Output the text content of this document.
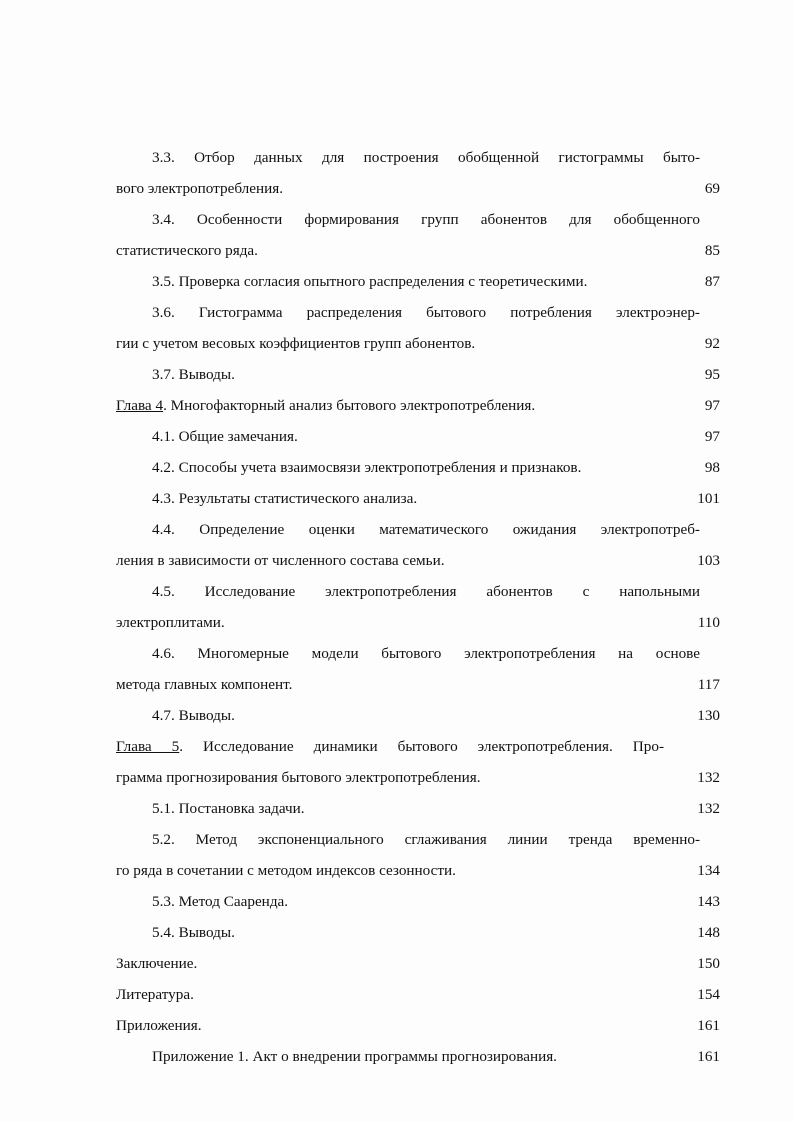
3.3. Отбор данных для построения обобщенной гистограммы быто-
вого электропотребления.	69
3.4. Особенности формирования групп абонентов для обобщенного
статистического ряда.	85
3.5. Проверка согласия опытного распределения с теоретическими.	87
3.6. Гистограмма распределения бытового потребления электроэнер-
гии с учетом весовых коэффициентов групп абонентов.	92
3.7. Выводы.	95
Глава 4. Многофакторный анализ бытового электропотребления.	97
4.1. Общие замечания.	97
4.2. Способы учета взаимосвязи электропотребления и признаков.	98
4.3. Результаты статистического анализа.	101
4.4. Определение оценки математического ожидания электропотреб-
ления в зависимости от численного состава семьи.	103
4.5. Исследование электропотребления абонентов с напольными
электроплитами.	110
4.6. Многомерные модели бытового электропотребления на основе
метода главных компонент.	117
4.7. Выводы.	130
Глава 5. Исследование динамики бытового электропотребления. Про-
грамма прогнозирования бытового электропотребления.	132
5.1. Постановка задачи.	132
5.2. Метод экспоненциального сглаживания линии тренда временно-
го ряда в сочетании с методом индексов сезонности.	134
5.3. Метод Саарeнда.	143
5.4. Выводы.	148
Заключение.	150
Литература.	154
Приложения.	161
Приложение 1. Акт о внедрении программы прогнозирования.	161
